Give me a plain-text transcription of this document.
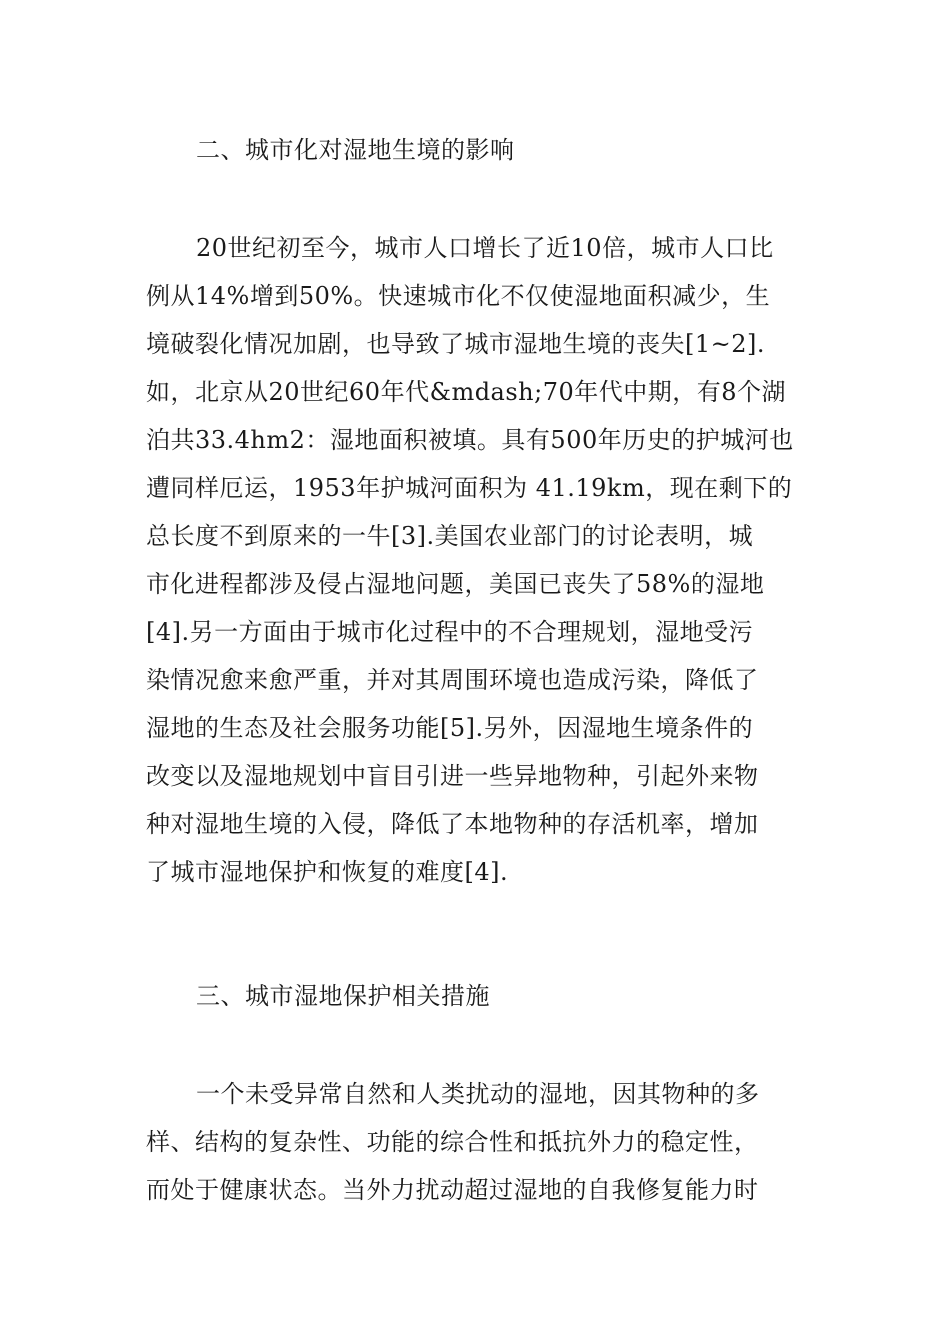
二、城市化对湿地生境的影响
20世纪初至今，城市人口增长了近10倍，城市人口比
例从14%增到50%。快速城市化不仅使湿地面积减少，生
境破裂化情况加剧，也导致了城市湿地生境的丧失[1~2].
如，北京从20世纪60年代&mdash;70年代中期，有8个湖
泊共33.4hm2：湿地面积被填。具有500年历史的护城河也
遭同样厄运，1953年护城河面积为 41.19km，现在剩下的
总长度不到原来的一牛[3].美国农业部门的讨论表明，城
市化进程都涉及侵占湿地问题，美国已丧失了58%的湿地
[4].另一方面由于城市化过程中的不合理规划，湿地受污
染情况愈来愈严重，并对其周围环境也造成污染，降低了
湿地的生态及社会服务功能[5].另外，因湿地生境条件的
改变以及湿地规划中盲目引进一些异地物种，引起外来物
种对湿地生境的入侵，降低了本地物种的存活机率，增加
了城市湿地保护和恢复的难度[4].
三、城市湿地保护相关措施
一个未受异常自然和人类扰动的湿地，因其物种的多
样、结构的复杂性、功能的综合性和抵抗外力的稳定性，
而处于健康状态。当外力扰动超过湿地的自我修复能力时
